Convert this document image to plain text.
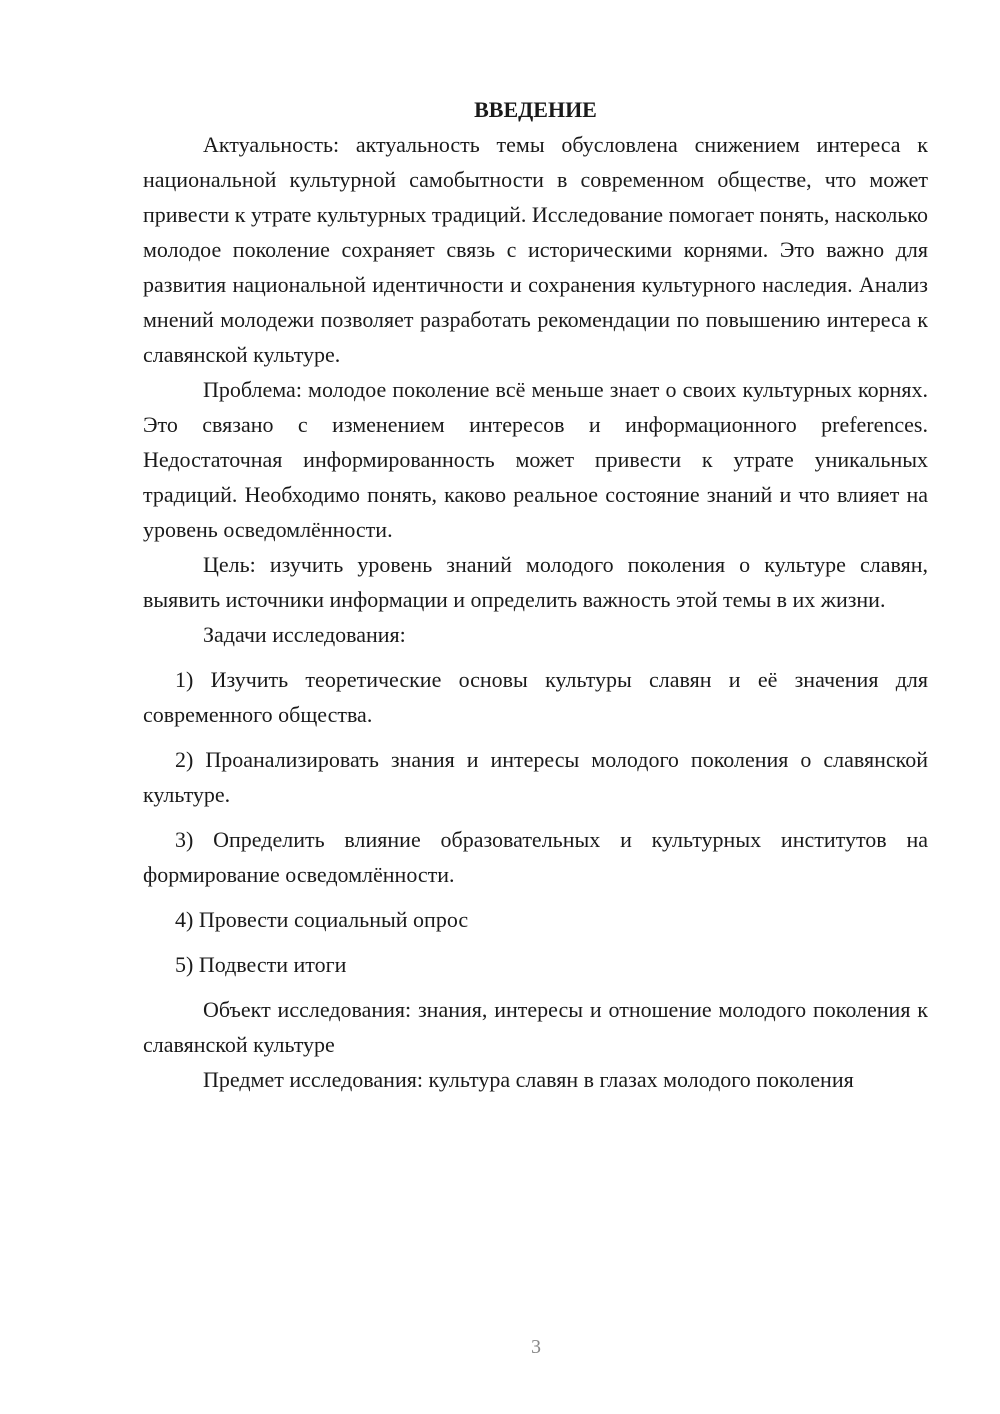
ВВЕДЕНИЕ

Актуальность: актуальность темы обусловлена снижением интереса к национальной культурной самобытности в современном обществе, что может привести к утрате культурных традиций. Исследование помогает понять, насколько молодое поколение сохраняет связь с историческими корнями. Это важно для развития национальной идентичности и сохранения культурного наследия. Анализ мнений молодежи позволяет разработать рекомендации по повышению интереса к славянской культуре.

Проблема: молодое поколение всё меньше знает о своих культурных корнях. Это связано с изменением интересов и информационного preferences. Недостаточная информированность может привести к утрате уникальных традиций. Необходимо понять, каково реальное состояние знаний и что влияет на уровень осведомлённости.

Цель: изучить уровень знаний молодого поколения о культуре славян, выявить источники информации и определить важность этой темы в их жизни.

Задачи исследования:

1) Изучить теоретические основы культуры славян и её значения для современного общества.

2) Проанализировать знания и интересы молодого поколения о славянской культуре.

3) Определить влияние образовательных и культурных институтов на формирование осведомлённости.

4) Провести социальный опрос

5) Подвести итоги

Объект исследования: знания, интересы и отношение молодого поколения к славянской культуре

Предмет исследования: культура славян в глазах молодого поколения

3
